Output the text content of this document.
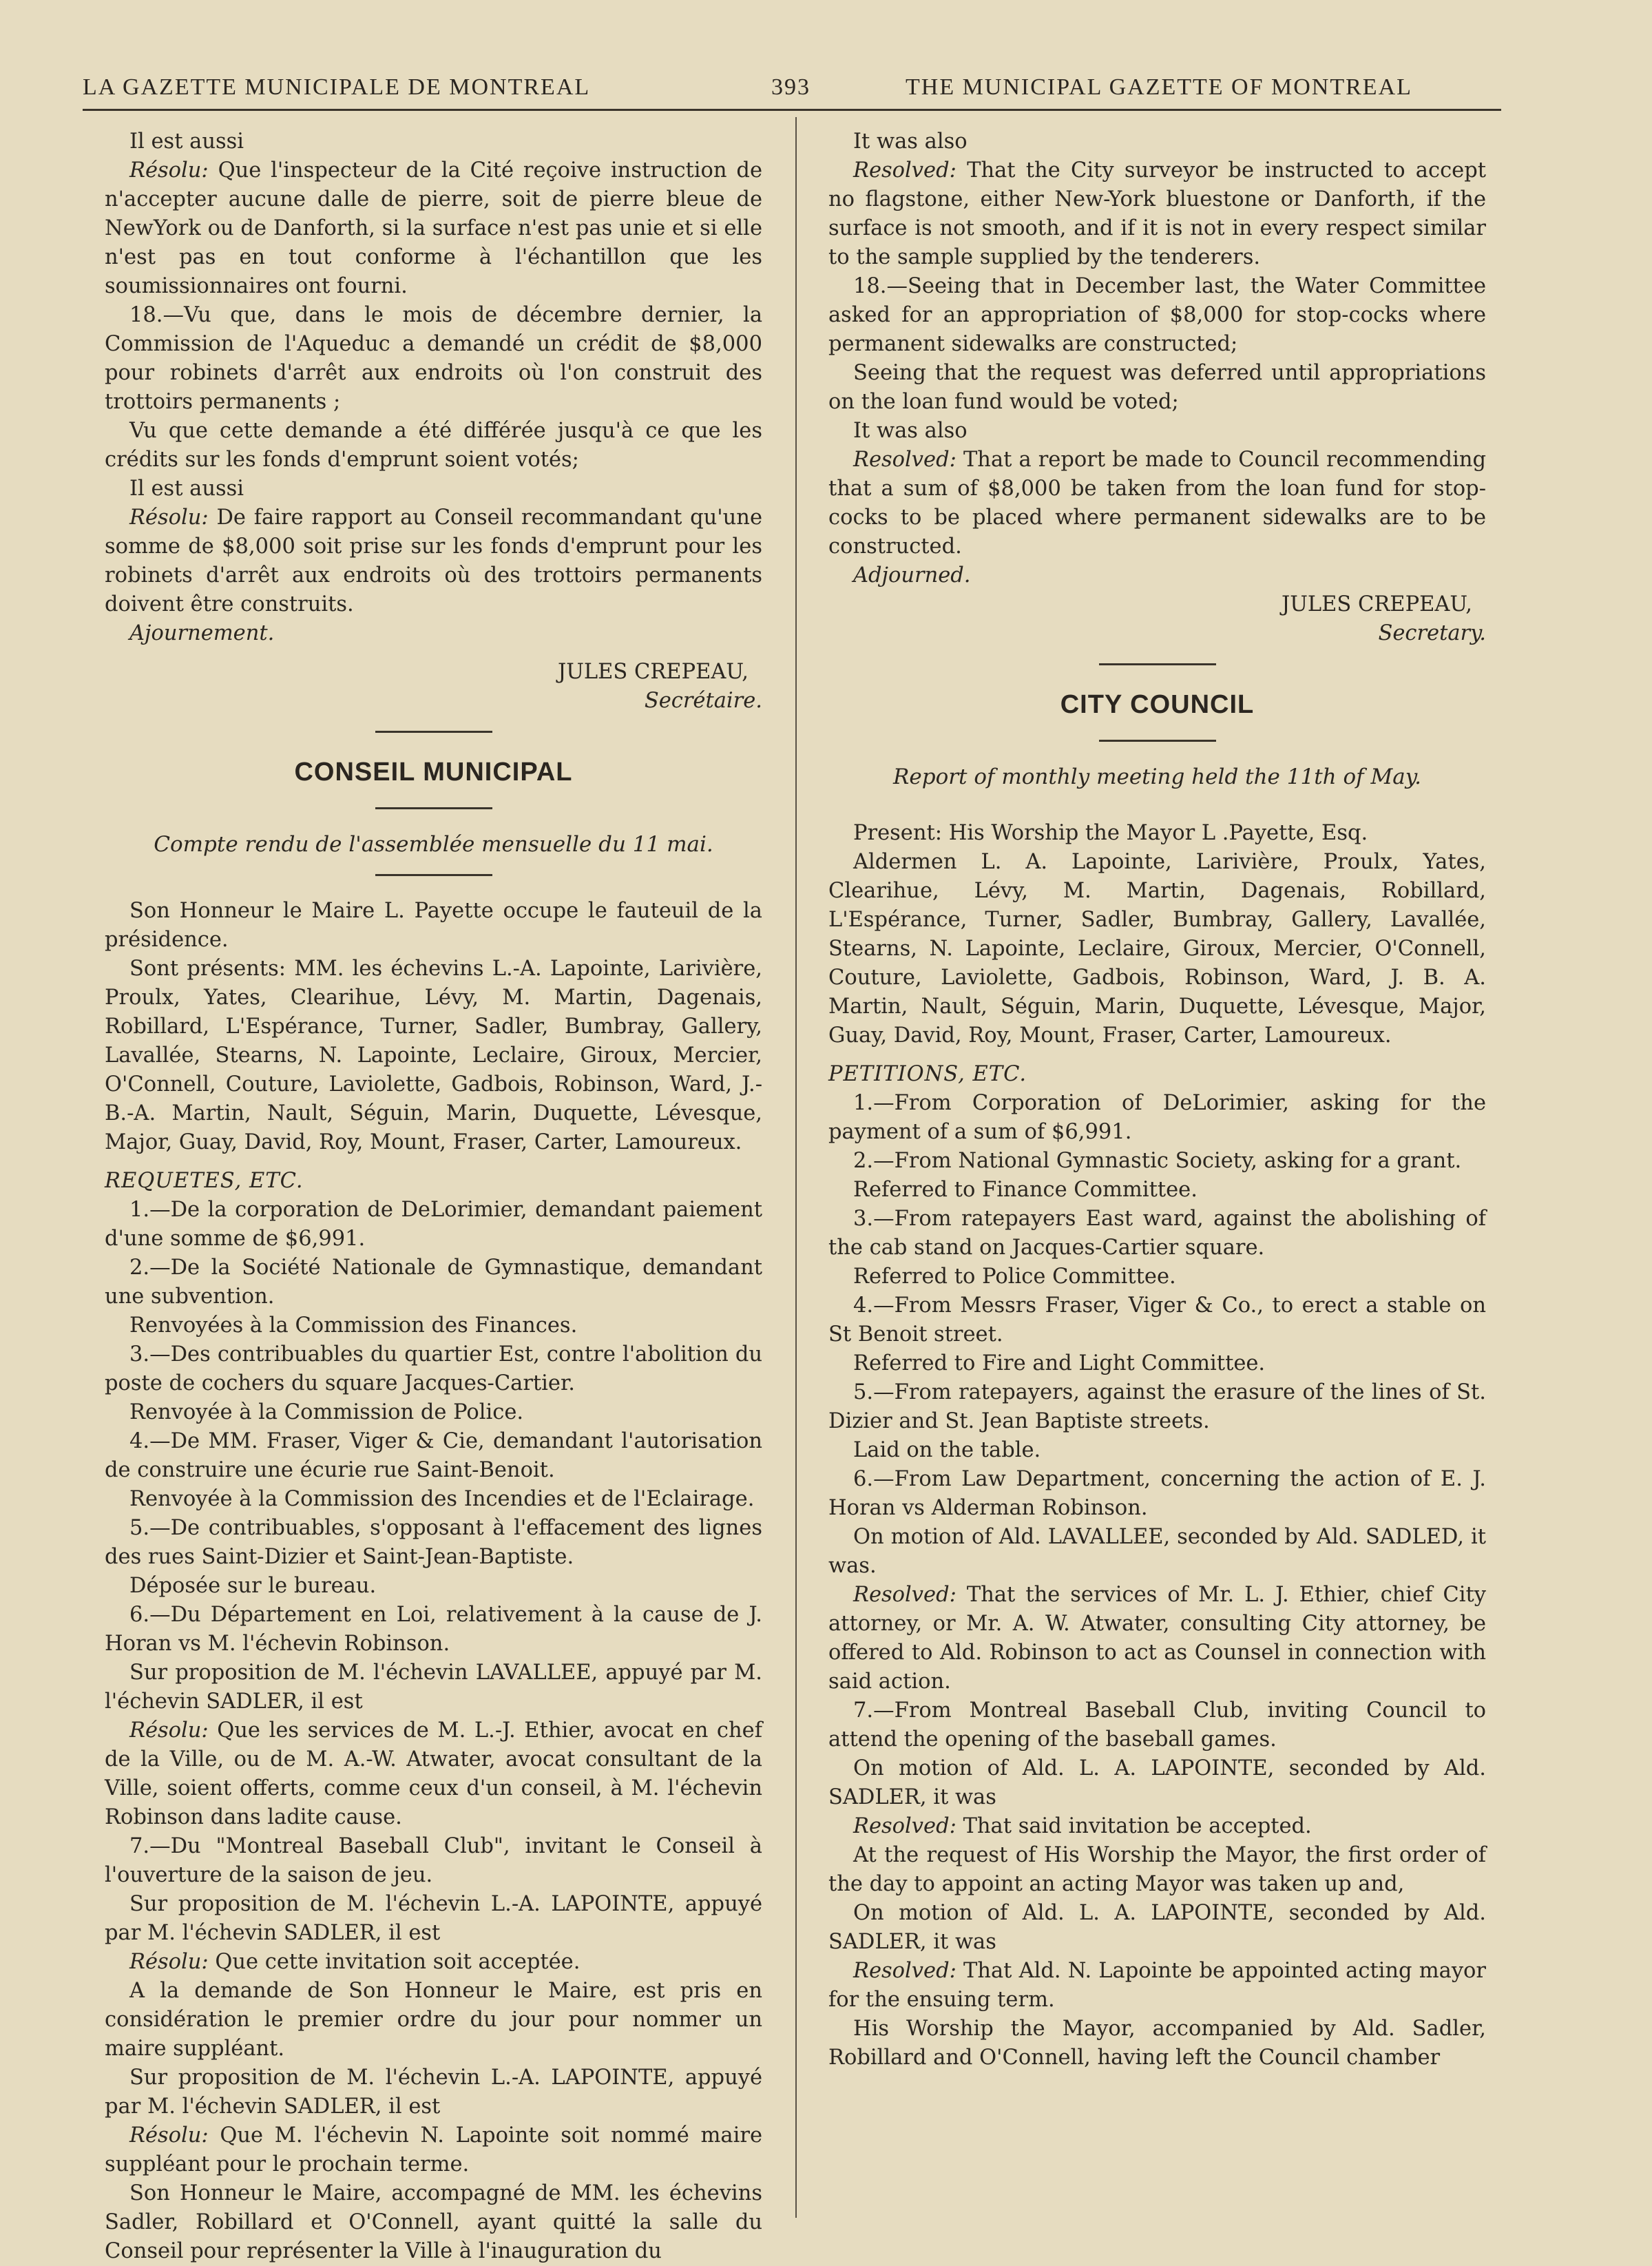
LA GAZETTE MUNICIPALE DE MONTREAL	393	THE MUNICIPAL GAZETTE OF MONTREAL

Il est aussi

Résolu: Que l'inspecteur de la Cité reçoive instruction de n'accepter aucune dalle de pierre, soit de pierre bleue de NewYork ou de Danforth, si la surface n'est pas unie et si elle n'est pas en tout conforme à l'échantillon que les soumissionnaires ont fourni.

18.—Vu que, dans le mois de décembre dernier, la Commission de l'Aqueduc a demandé un crédit de $8,000 pour robinets d'arrêt aux endroits où l'on construit des trottoirs permanents ;

Vu que cette demande a été différée jusqu'à ce que les crédits sur les fonds d'emprunt soient votés;

Il est aussi

Résolu: De faire rapport au Conseil recommandant qu'une somme de $8,000 soit prise sur les fonds d'emprunt pour les robinets d'arrêt aux endroits où des trottoirs permanents doivent être construits.

Ajournement.

JULES CREPEAU,

Secrétaire.

CONSEIL MUNICIPAL
Compte rendu de l'assemblée mensuelle du 11 mai.

Son Honneur le Maire L. Payette occupe le fauteuil de la présidence.

Sont présents: MM. les échevins L.-A. Lapointe, Larivière, Proulx, Yates, Clearihue, Lévy, M. Martin, Dagenais, Robillard, L'Espérance, Turner, Sadler, Bumbray, Gallery, Lavallée, Stearns, N. Lapointe, Leclaire, Giroux, Mercier, O'Connell, Couture, Laviolette, Gadbois, Robinson, Ward, J.-B.-A. Martin, Nault, Séguin, Marin, Duquette, Lévesque, Major, Guay, David, Roy, Mount, Fraser, Carter, Lamoureux.

REQUETES, ETC.

1.—De la corporation de DeLorimier, demandant paiement d'une somme de $6,991.

2.—De la Société Nationale de Gymnastique, demandant une subvention.

Renvoyées à la Commission des Finances.

3.—Des contribuables du quartier Est, contre l'abolition du poste de cochers du square Jacques-Cartier.

Renvoyée à la Commission de Police.

4.—De MM. Fraser, Viger & Cie, demandant l'autorisation de construire une écurie rue Saint-Benoit.

Renvoyée à la Commission des Incendies et de l'Eclairage.

5.—De contribuables, s'opposant à l'effacement des lignes des rues Saint-Dizier et Saint-Jean-Baptiste.

Déposée sur le bureau.

6.—Du Département en Loi, relativement à la cause de J. Horan vs M. l'échevin Robinson.

Sur proposition de M. l'échevin LAVALLEE, appuyé par M. l'échevin SADLER, il est

Résolu: Que les services de M. L.-J. Ethier, avocat en chef de la Ville, ou de M. A.-W. Atwater, avocat consultant de la Ville, soient offerts, comme ceux d'un conseil, à M. l'échevin Robinson dans ladite cause.

7.—Du "Montreal Baseball Club", invitant le Conseil à l'ouverture de la saison de jeu.

Sur proposition de M. l'échevin L.-A. LAPOINTE, appuyé par M. l'échevin SADLER, il est

Résolu: Que cette invitation soit acceptée.

A la demande de Son Honneur le Maire, est pris en considération le premier ordre du jour pour nommer un maire suppléant.

Sur proposition de M. l'échevin L.-A. LAPOINTE, appuyé par M. l'échevin SADLER, il est

Résolu: Que M. l'échevin N. Lapointe soit nommé maire suppléant pour le prochain terme.

Son Honneur le Maire, accompagné de MM. les échevins Sadler, Robillard et O'Connell, ayant quitté la salle du Conseil pour représenter la Ville à l'inauguration du

It was also

Resolved: That the City surveyor be instructed to accept no flagstone, either New-York bluestone or Danforth, if the surface is not smooth, and if it is not in every respect similar to the sample supplied by the tenderers.

18.—Seeing that in December last, the Water Committee asked for an appropriation of $8,000 for stop-cocks where permanent sidewalks are constructed;

Seeing that the request was deferred until appropriations on the loan fund would be voted;

It was also

Resolved: That a report be made to Council recommending that a sum of $8,000 be taken from the loan fund for stop-cocks to be placed where permanent sidewalks are to be constructed.

Adjourned.

JULES CREPEAU,

Secretary.

CITY COUNCIL
Report of monthly meeting held the 11th of May.

Present: His Worship the Mayor L .Payette, Esq.

Aldermen L. A. Lapointe, Larivière, Proulx, Yates, Clearihue, Lévy, M. Martin, Dagenais, Robillard, L'Espérance, Turner, Sadler, Bumbray, Gallery, Lavallée, Stearns, N. Lapointe, Leclaire, Giroux, Mercier, O'Connell, Couture, Laviolette, Gadbois, Robinson, Ward, J. B. A. Martin, Nault, Séguin, Marin, Duquette, Lévesque, Major, Guay, David, Roy, Mount, Fraser, Carter, Lamoureux.

PETITIONS, ETC.

1.—From Corporation of DeLorimier, asking for the payment of a sum of $6,991.

2.—From National Gymnastic Society, asking for a grant.

Referred to Finance Committee.

3.—From ratepayers East ward, against the abolishing of the cab stand on Jacques-Cartier square.

Referred to Police Committee.

4.—From Messrs Fraser, Viger & Co., to erect a stable on St Benoit street.

Referred to Fire and Light Committee.

5.—From ratepayers, against the erasure of the lines of St. Dizier and St. Jean Baptiste streets.

Laid on the table.

6.—From Law Department, concerning the action of E. J. Horan vs Alderman Robinson.

On motion of Ald. LAVALLEE, seconded by Ald. SADLED, it was.

Resolved: That the services of Mr. L. J. Ethier, chief City attorney, or Mr. A. W. Atwater, consulting City attorney, be offered to Ald. Robinson to act as Counsel in connection with said action.

7.—From Montreal Baseball Club, inviting Council to attend the opening of the baseball games.

On motion of Ald. L. A. LAPOINTE, seconded by Ald. SADLER, it was

Resolved: That said invitation be accepted.

At the request of His Worship the Mayor, the first order of the day to appoint an acting Mayor was taken up and,

On motion of Ald. L. A. LAPOINTE, seconded by Ald. SADLER, it was

Resolved: That Ald. N. Lapointe be appointed acting mayor for the ensuing term.

His Worship the Mayor, accompanied by Ald. Sadler, Robillard and O'Connell, having left the Council chamber
